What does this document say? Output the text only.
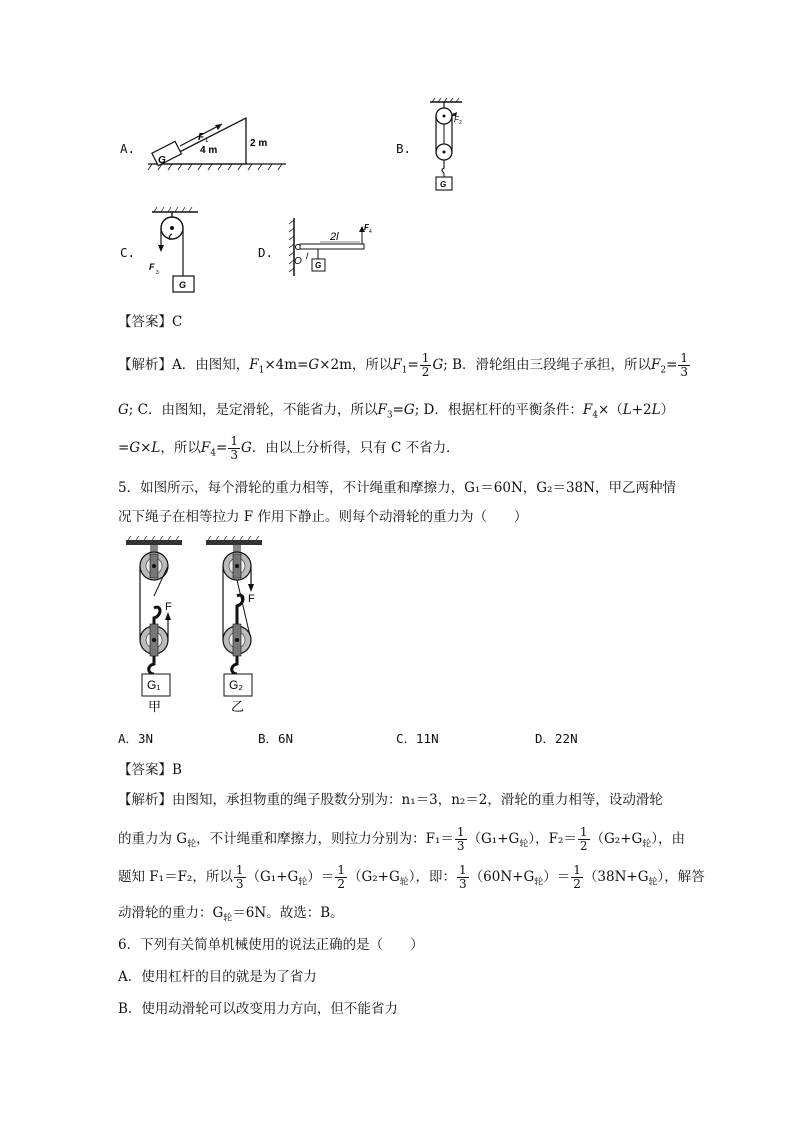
A.
G
F 1
4 m
2 m	B.
F 2
G
C.
F
3
G
D.
F 4
G
O l
2l
【答案】C
【解析】A．由图知，$F_1\times 4m=G\times 2m$，所以$F_1= \frac{1}{2} G$; B．滑轮组由三段绳子承担，所以$F_2= \frac{1}{3}$
G; C．由图知，是定滑轮，不能省力，所以$F_3=G$; D．根据杠杆的平衡条件：$F_4\times(L+2L)$
=G×L，所以$F_4= \frac{1}{3}$ G．由以上分析得，只有 C 不省力．
5．如图所示，每个滑轮的重力相等，不计绳重和摩擦力，G₁＝60N，G₂＝38N，甲乙两种情
况下绳子在相等拉力 F 作用下静止。则每个动滑轮的重力为（　　）
F
G₁
甲
F
G₂
乙
A．3N	B．6N	C．11N	D．22N
【答案】B
【解析】由图知，承担物重的绳子股数分别为：n₁＝3，n₂＝2，滑轮的重力相等，设动滑轮
的重力为 $G_轮$，不计绳重和摩擦力，则拉力分别为：$F_1= \frac{1}{3} (G_1+G_轮)$，$F_2= \frac{1}{2} (G_2+G_轮)$，由
题知 F₁＝F₂，所以 $\frac{1}{3} (G_1+G_轮)= \frac{1}{2} (G_2+G_轮)$，即： $\frac{1}{3} (60N+G_轮)= \frac{1}{2} (38N+G_轮)$，解答
动滑轮的重力：$G_轮=6N$。故选：B。
6．下列有关简单机械使用的说法正确的是（　　）
A．使用杠杆的目的就是为了省力
B．使用动滑轮可以改变用力方向，但不能省力
